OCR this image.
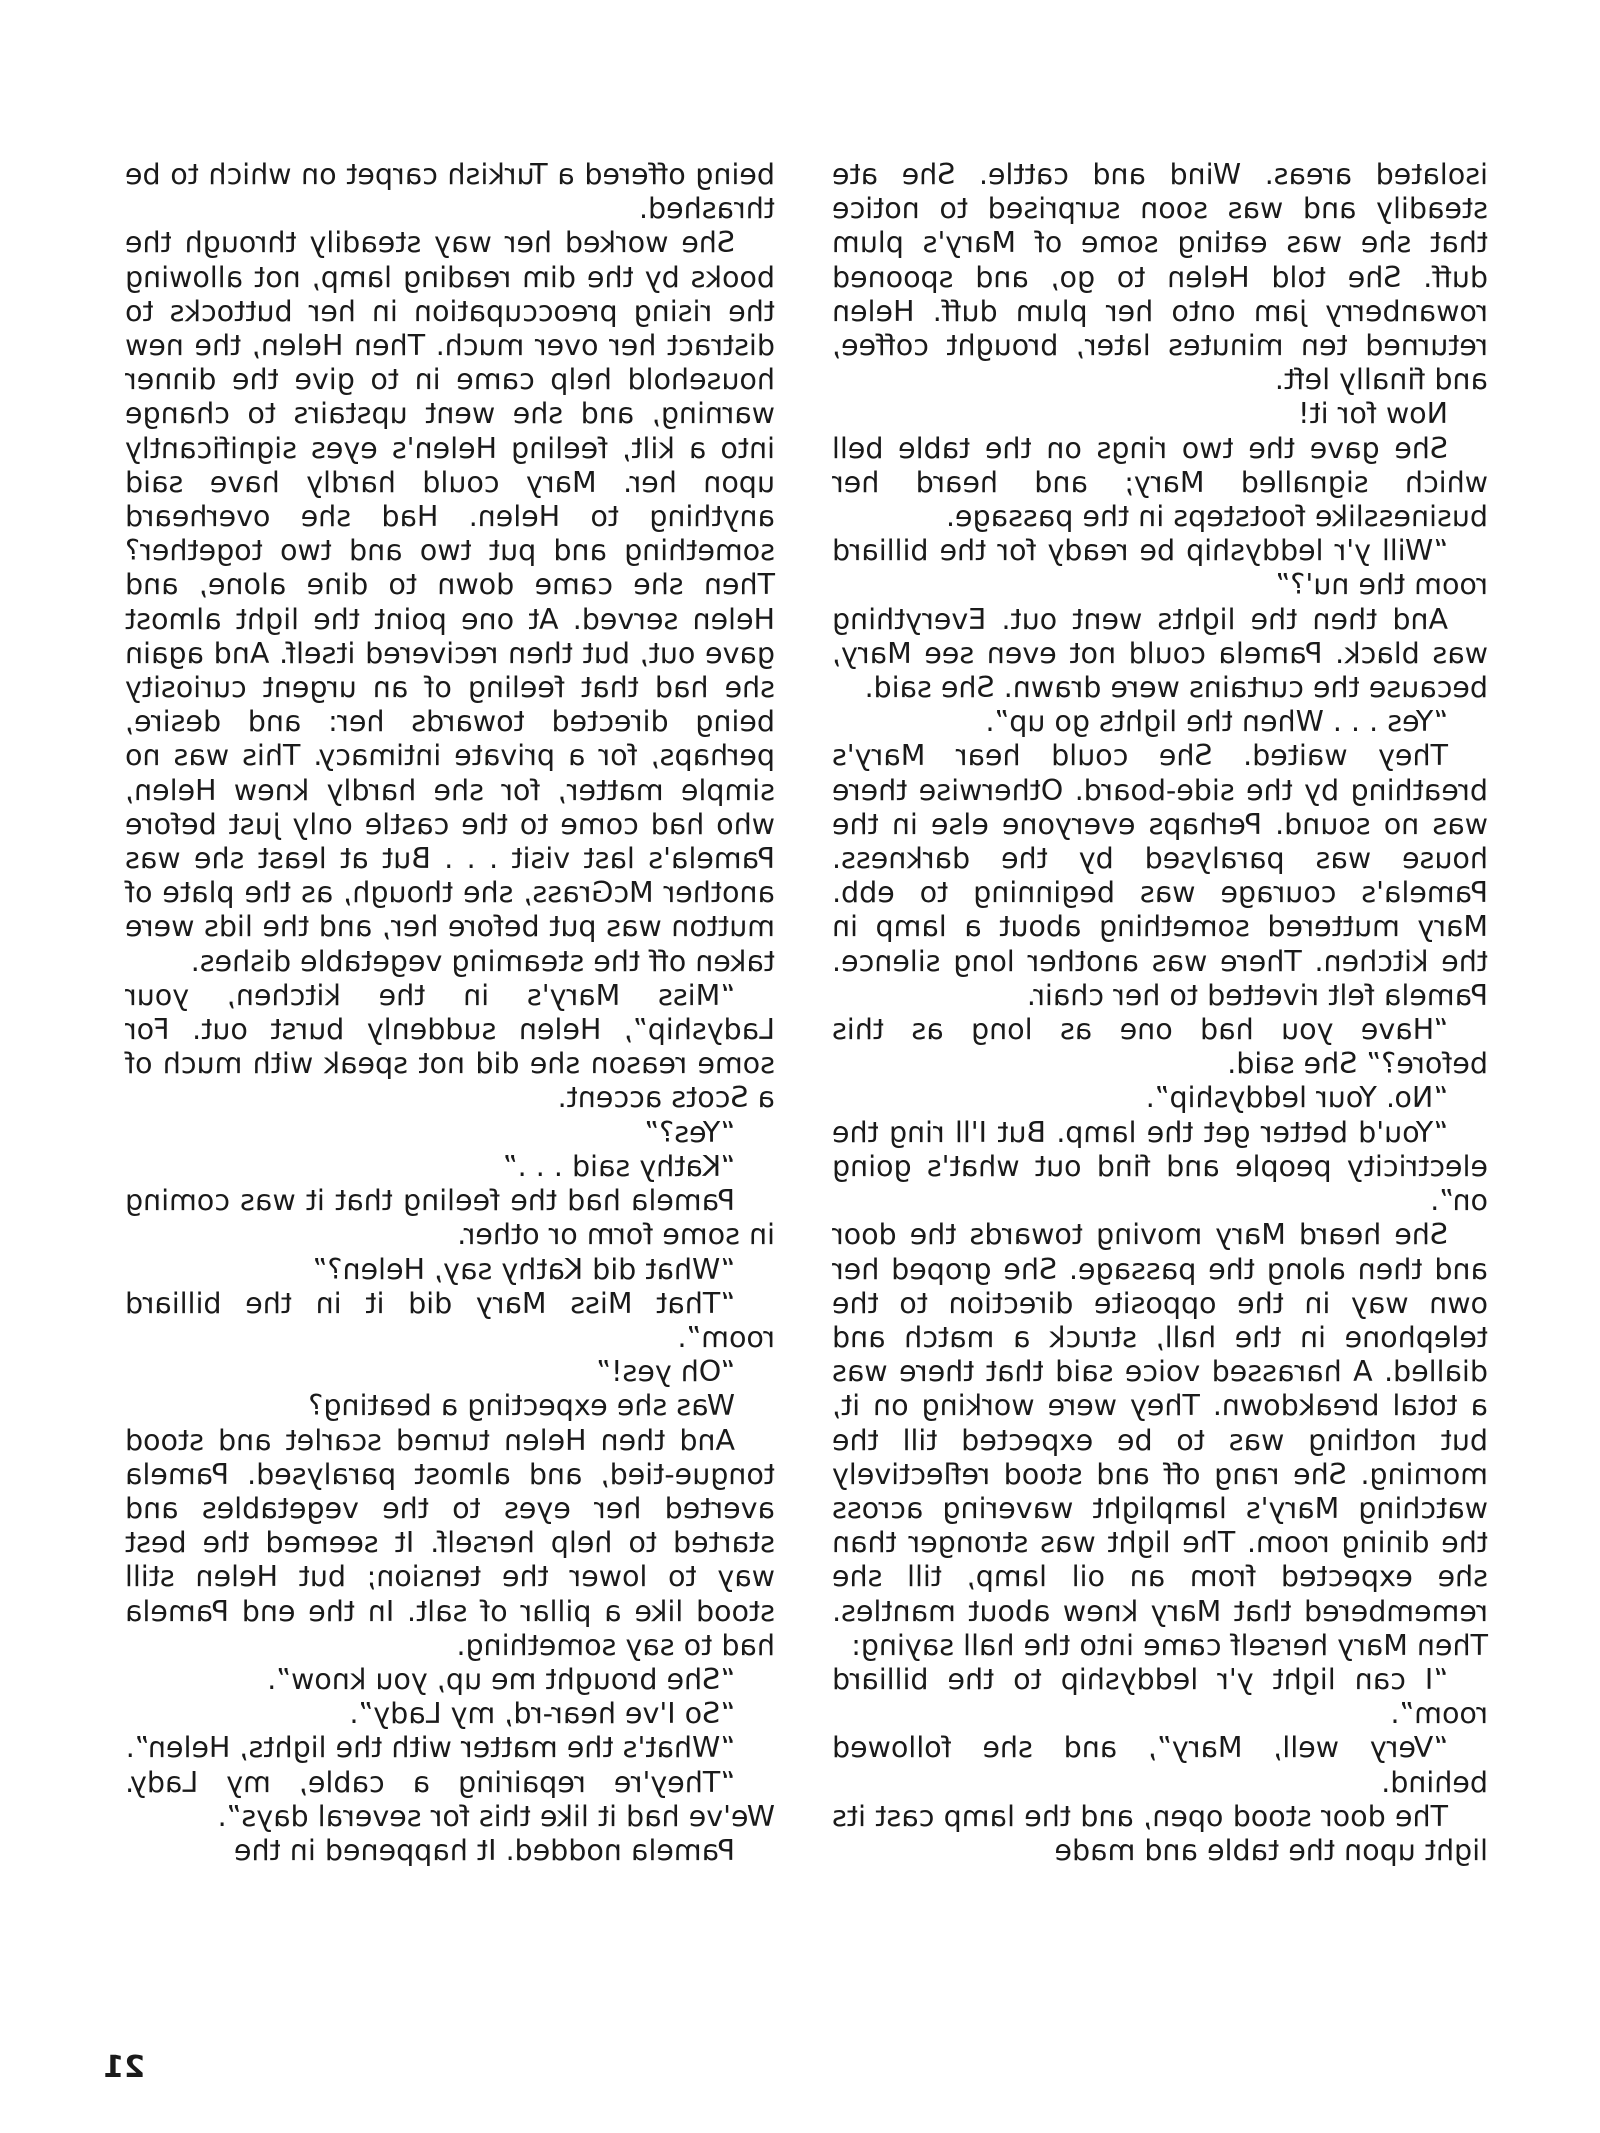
isolated areas. Wind and cattle. She ate steadily and was soon surprised to notice that she was eating some of Mary's plum duff. She told Helen to go, and spooned rowanberry jam onto her plum duff. Helen returned ten minutes later, brought coffee, and finally left.

Now for it!

She gave the two rings on the table bell which signalled Mary; and heard her businesslike footsteps in the passage.

“Will y'r leddyship be ready for the billiard room the nu'?”

And then the lights went out. Everything was black. Pamela could not even see Mary, because the curtains were drawn. She said.

“Yes . . . When the lights go up”.

They waited. She could hear Mary's breathing by the side-board. Otherwise there was no sound. Perhaps everyone else in the house was paralysed by the darkness. Pamela's courage was beginning to ebb. Mary muttered something about a lamp in the kitchen. There was another long silence. Pamela felt rivetted to her chair.

“Have you had one as long as this before?” She said.

“No. Your leddyship”.

“You'd better get the lamp. But I'll ring the electricity people and find out what's going on”.

She heard Mary moving towards the door and then along the passage. She groped her own way in the opposite direction to the telephone in the hall, struck a match and dialled. A harassed voice said that there was a total breakdown. They were working on it, but nothing was to be expected till the morning. She rang off and stood reflectively watching Mary's lamplight wavering across the dining room. The light was stronger than she expected from an oil lamp, till she remembered that Mary knew about mantles. Then Mary herself came into the hall saying:

“I can light y'r leddyship to the billiard room”.

“Very well, Mary”, and she followed behind.

The door stood open, and the lamp cast its light upon the table and made

being offered a Turkish carpet on which to be thrashed.

She worked her way steadily through the books by the dim reading lamp, not allowing the rising preoccupation in her buttocks to distract her over much. Then Helen, the new household help came in to give the dinner warning, and she went upstairs to change into a kilt, feeling Helen's eyes significantly upon her. Mary could hardly have said anything to Helen. Had she overheard something and put two and two together? Then she came down to dine alone, and Helen served. At one point the light almost gave out, but then recivered itself. And again she had that feeling of an urgent curiosity being directed towards her: and desire, perhaps, for a private intimacy. This was no simple matter, for she hardly knew Helen, who had come to the castle only just before Pamela's last visit . . . But at least she was another McGrass, she though, as the plate of mutton was put before her, and the lids were taken off the steaming vegetable dishes.

“Miss Mary's in the kitchen, your Ladyship”, Helen suddenly burst out. For some reason she did not speak with much of a Scots accent.

“Yes?”

“Kathy said . . .”

Pamela had the feeling that it was coming in some form or other.

“What did Kathy say, Helen?”

“That Miss Mary did it in the billiard room”.

“Oh yes!”

Was she expecting a beating?

And then Helen turned scarlet and stood tongue-tied, and almost paralysed. Pamela averted her eyes to the vegetables and started to help herself. It seemed the best way to lower the tension; but Helen still stood like a pillar of salt. In the end Pamela had to say something.

“She brought me up, you know”.

“So I've hear-rd, my Lady”.

“What's the matter with the lights, Helen”.

“They're repairing a cable, my Lady. We've had it like this for several days”.

Pamela nodded. It happened in the

21
